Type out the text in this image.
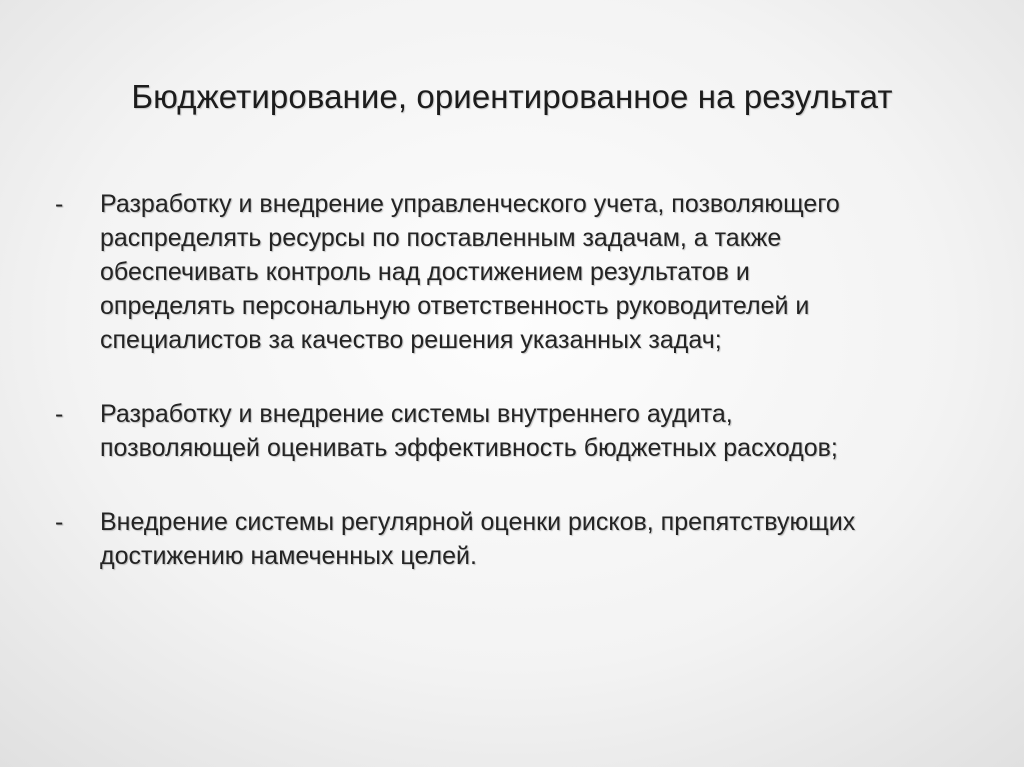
Бюджетирование, ориентированное на результат
-	Разработку и внедрение управленческого учета, позволяющего
распределять ресурсы по поставленным задачам, а также
обеспечивать контроль над достижением результатов и
определять персональную ответственность руководителей и
специалистов за качество решения указанных задач;
-	Разработку и внедрение системы внутреннего аудита,
позволяющей оценивать эффективность бюджетных расходов;
-	Внедрение системы регулярной оценки рисков, препятствующих
достижению намеченных целей.
